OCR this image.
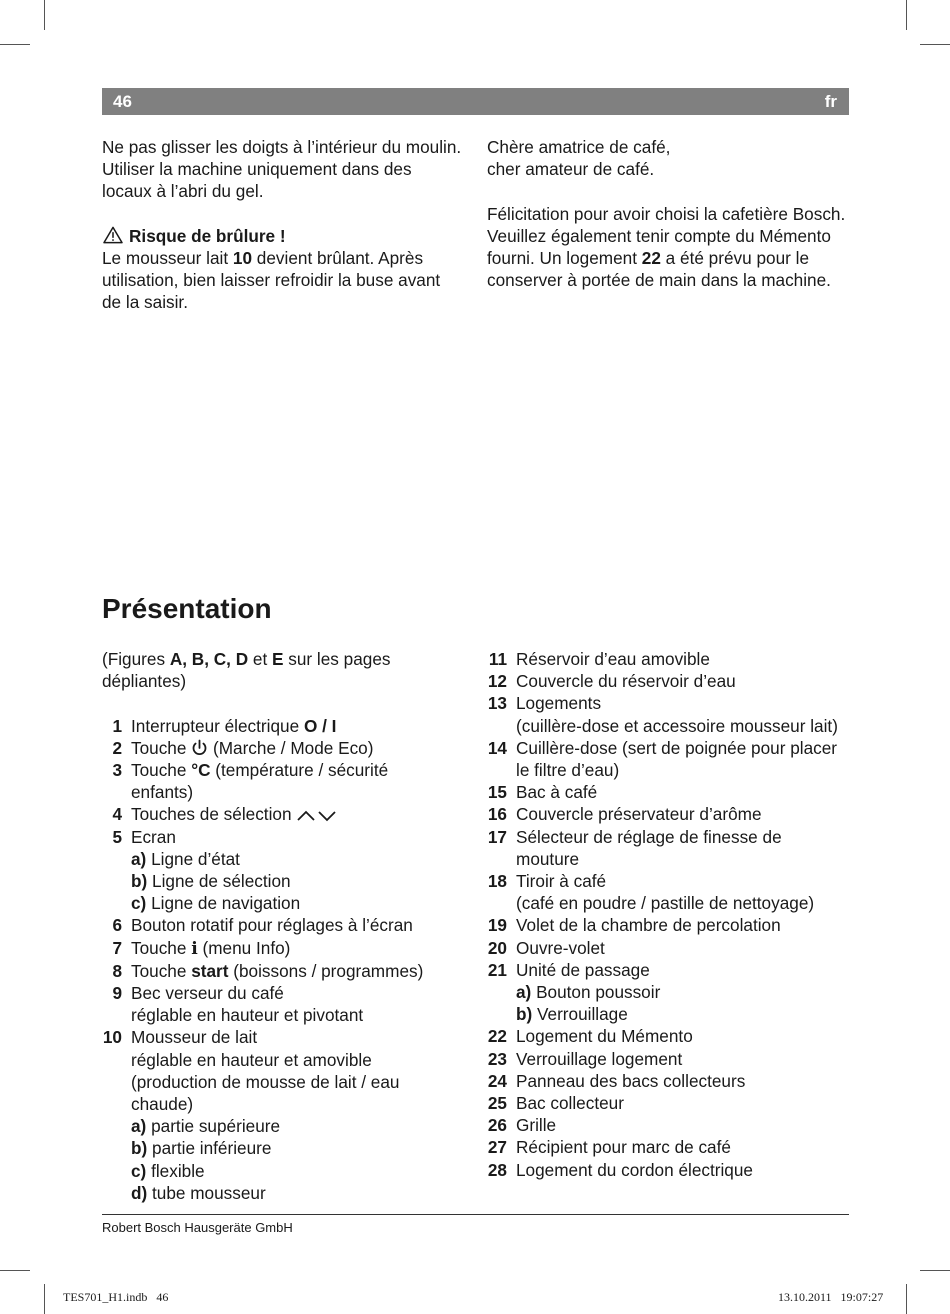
46	fr

Ne pas glisser les doigts à l’intérieur du moulin.

Utiliser la machine uniquement dans des locaux à l’abri du gel.

Risque de brûlure !

Le mousseur lait 10 devient brûlant. Après utilisation, bien laisser refroidir la buse avant de la saisir.

Chère amatrice de café,

cher amateur de café.

Félicitation pour avoir choisi la cafetière Bosch.

Veuillez également tenir compte du Mémento fourni. Un logement 22 a été prévu pour le conserver à portée de main dans la machine.

Présentation

(Figures A, B, C, D et E sur les pages dépliantes)

1 Interrupteur électrique O / I
2 Touche  (Marche / Mode Eco)
3 Touche °C (température / sécurité enfants)
4 Touches de sélection
5 Ecran
a) Ligne d’état
b) Ligne de sélection
c) Ligne de navigation
6 Bouton rotatif pour réglages à l’écran
7 Touche i (menu Info)
8 Touche start (boissons / programmes)
9 Bec verseur du café
réglable en hauteur et pivotant
10 Mousseur de lait
réglable en hauteur et amovible (production de mousse de lait / eau chaude)
a) partie supérieure
b) partie inférieure
c) flexible
d) tube mousseur
11 Réservoir d’eau amovible
12 Couvercle du réservoir d’eau
13 Logements
(cuillère-dose et accessoire mousseur lait)
14 Cuillère-dose (sert de poignée pour placer le filtre d’eau)
15 Bac à café
16 Couvercle préservateur d’arôme
17 Sélecteur de réglage de finesse de mouture
18 Tiroir à café
(café en poudre / pastille de nettoyage)
19 Volet de la chambre de percolation
20 Ouvre-volet
21 Unité de passage
a) Bouton poussoir
b) Verrouillage
22 Logement du Mémento
23 Verrouillage logement
24 Panneau des bacs collecteurs
25 Bac collecteur
26 Grille
27 Récipient pour marc de café
28 Logement du cordon électrique
Robert Bosch Hausgeräte GmbH
TES701_H1.indb   46	13.10.2011   19:07:27
